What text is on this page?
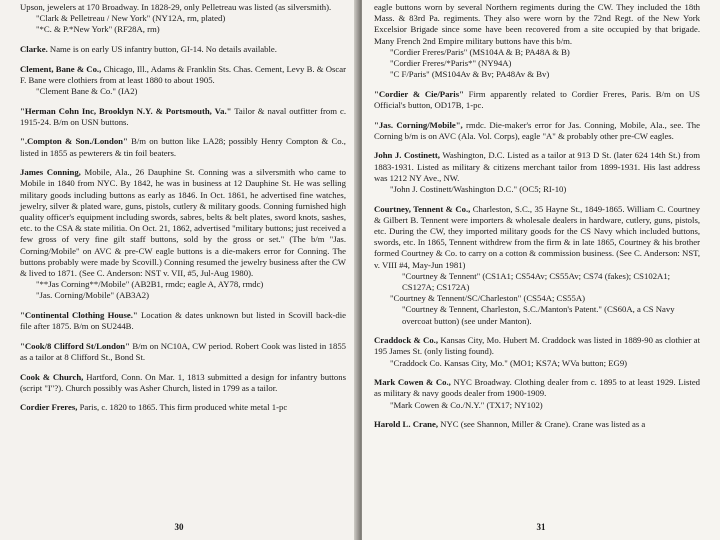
Upson, jewelers at 170 Broadway. In 1828-29, only Pelletreau was listed (as silversmith).

"Clark & Pelletreau / New York" (NY12A, rm, plated)

"*C. & P.*New York" (RF28A, rm)

Clarke. Name is on early US infantry button, GI-14. No details available.

Clement, Bane & Co., Chicago, Ill., Adams & Franklin Sts. Chas. Cement, Levy B. & Oscar F. Bane were clothiers from at least 1880 to about 1905.

"Clement Bane & Co." (IA2)

"Herman Cohn Inc, Brooklyn N.Y. & Portsmouth, Va." Tailor & naval outfitter from c. 1915-24. B/m on USN buttons.

".Compton & Son./London" B/m on button like LA28; possibly Henry Compton & Co., listed in 1855 as pewterers & tin foil beaters.

James Conning, Mobile, Ala., 26 Dauphine St. Conning was a silversmith who came to Mobile in 1840 from NYC. By 1842, he was in business at 12 Dauphine St. He was selling military goods including buttons as early as 1846. In Oct. 1861, he advertised fine watches, jewelry, silver & plated ware, guns, pistols, cutlery & military goods. Conning furnished high quality officer's equipment including swords, sabres, belts & belt plates, sword knots, sashes, etc. to the CSA & state militia. On Oct. 21, 1862, advertised "military buttons; just received a few gross of very fine gilt staff buttons, sold by the gross or set." (The b/m "Jas. Corning/Mobile" on AVC & pre-CW eagle buttons is a die-makers error for Conning. The buttons probably were made by Scovill.) Conning resumed the jewelry business after the CW & lived to 1871. (See C. Anderson: NST v. VII, #5, Jul-Aug 1980).

"**Jas Corning**/Mobile" (AB2B1, rmdc; eagle A, AY78, rmdc)

"Jas. Corning/Mobile" (AB3A2)

"Continental Clothing House." Location & dates unknown but listed in Scovill back-die file after 1875. B/m on SU244B.

"Cook/8 Clifford St/London" B/m on NC10A, CW period. Robert Cook was listed in 1855 as a tailor at 8 Clifford St., Bond St.

Cook & Church, Hartford, Conn. On Mar. 1, 1813 submitted a design for infantry buttons (script "I"?). Church possibly was Asher Church, listed in 1799 as a tailor.

Cordier Freres, Paris, c. 1820 to 1865. This firm produced white metal 1-pc

30

eagle buttons worn by several Northern regiments during the CW. They included the 18th Mass. & 83rd Pa. regiments. They also were worn by the 72nd Regt. of the New York Excelsior Brigade since some have been recovered from a site occupied by that brigade. Many French 2nd Empire military buttons have this b/m.

"Cordier Freres/Paris" (MS104A & B; PA48A & B)

"Cordier Freres/*Paris*" (NY94A)

"C F/Paris" (MS104Av & Bv; PA48Av & Bv)

"Cordier & Cie/Paris" Firm apparently related to Cordier Freres, Paris. B/m on US Official's button, OD17B, 1-pc.

"Jas. Corning/Mobile", rmdc. Die-maker's error for Jas. Conning, Mobile, Ala., see. The Corning b/m is on AVC (Ala. Vol. Corps), eagle "A" & probably other pre-CW eagles.

John J. Costinett, Washington, D.C. Listed as a tailor at 913 D St. (later 624 14th St.) from 1883-1931. Listed as military & citizens merchant tailor from 1899-1931. His last address was 1212 NY Ave., NW.

"John J. Costinett/Washington D.C." (OC5; RI-10)

Courtney, Tennent & Co., Charleston, S.C., 35 Hayne St., 1849-1865. William C. Courtney & Gilbert B. Tennent were importers & wholesale dealers in hardware, cutlery, guns, pistols, etc. During the CW, they imported military goods for the CS Navy which included buttons, swords, etc. In 1865, Tennent withdrew from the firm & in late 1865, Courtney & his brother formed Courtney & Co. to carry on a cotton & commission business. (See C. Anderson: NST, v. VIII #4, May-Jun 1981)

"Courtney & Tennent" (CS1A1; CS54Av; CS55Av; CS74 (fakes); CS102A1; CS127A; CS172A)

"Courtney & Tennent/SC/Charleston" (CS54A; CS55A)

"Courtney & Tennent, Charleston, S.C./Manton's Patent." (CS60A, a CS Navy overcoat button) (see under Manton).

Craddock & Co., Kansas City, Mo. Hubert M. Craddock was listed in 1889-90 as clothier at 195 James St. (only listing found).

"Craddock Co. Kansas City, Mo." (MO1; KS7A; WVa button; EG9)

Mark Cowen & Co., NYC Broadway. Clothing dealer from c. 1895 to at least 1929. Listed as military & navy goods dealer from 1900-1909.

"Mark Cowen & Co./N.Y." (TX17; NY102)

Harold L. Crane, NYC (see Shannon, Miller & Crane). Crane was listed as a

31
